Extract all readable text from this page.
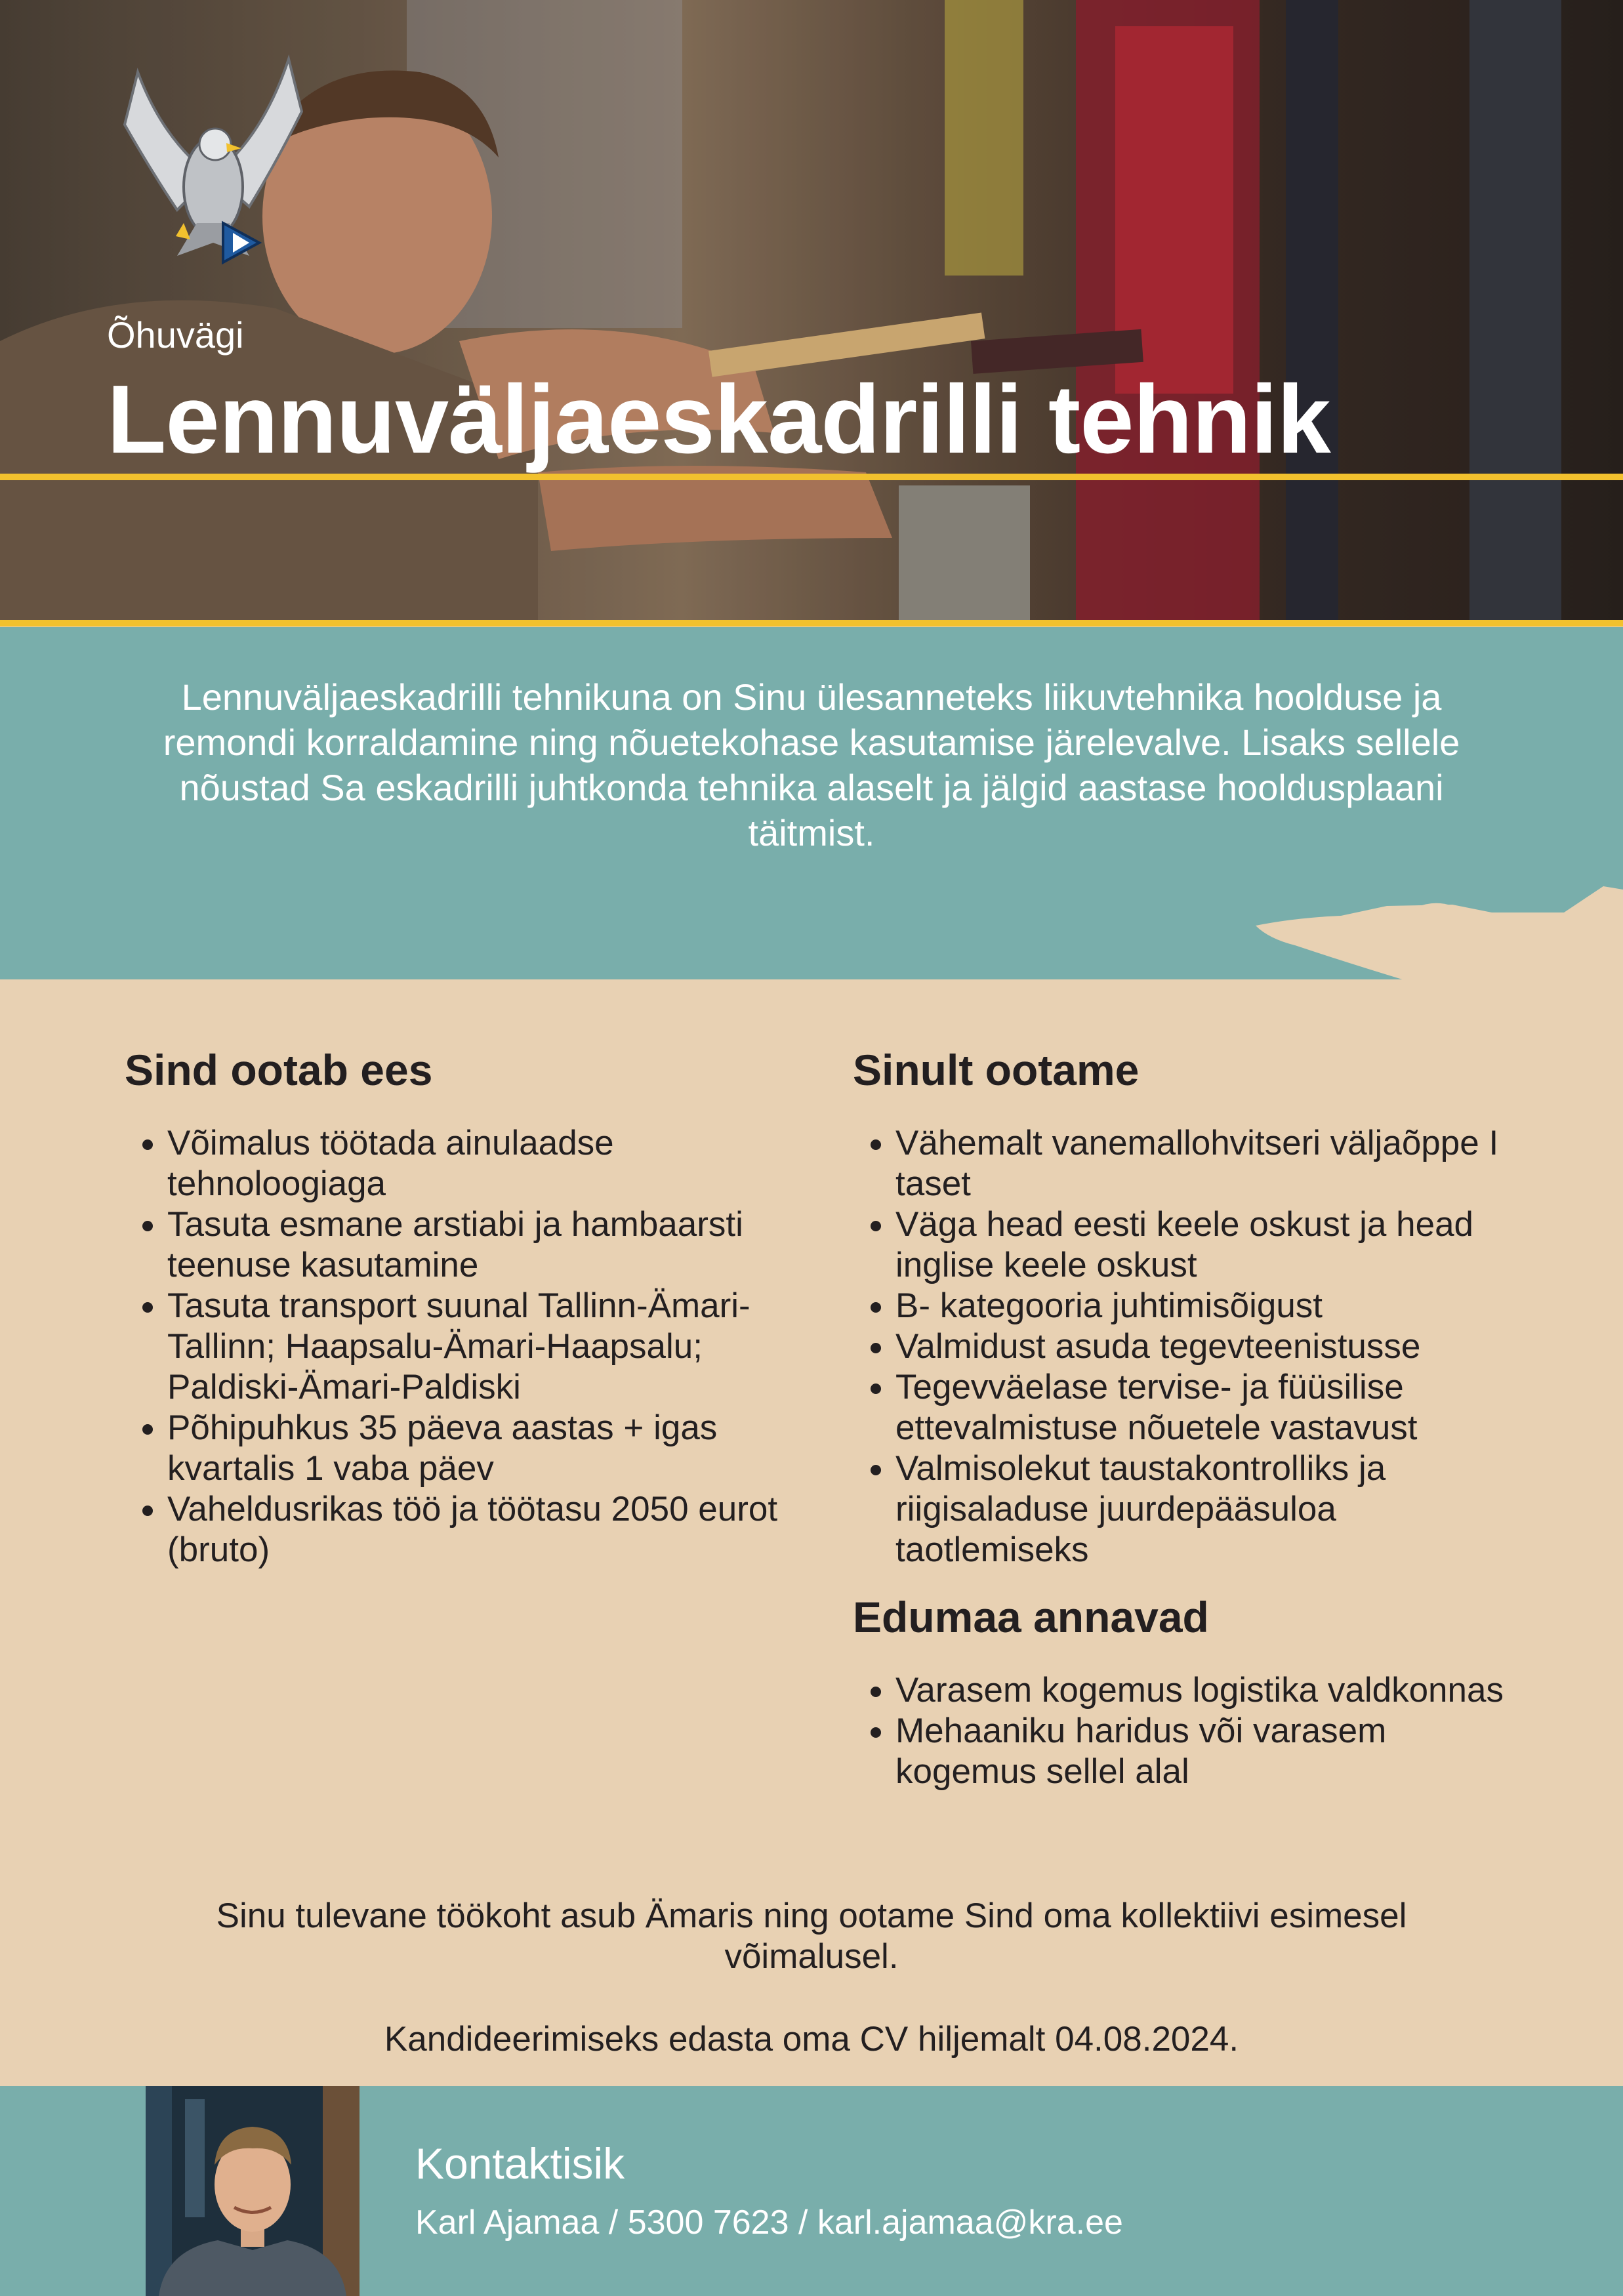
Õhuvägi
Lennuväljaeskadrilli tehnik
Lennuväljaeskadrilli tehnikuna on Sinu ülesanneteks liikuvtehnika hoolduse ja remondi korraldamine ning nõuetekohase kasutamise järelevalve. Lisaks sellele nõustad Sa eskadrilli juhtkonda tehnika alaselt ja jälgid aastase hooldusplaani täitmist.
Sind ootab ees
• Võimalus töötada ainulaadse tehnoloogiaga
• Tasuta esmane arstiabi ja hambaarsti teenuse kasutamine
• Tasuta transport suunal Tallinn-Ämari-Tallinn; Haapsalu-Ämari-Haapsalu; Paldiski-Ämari-Paldiski
• Põhipuhkus 35 päeva aastas + igas kvartalis 1 vaba päev
• Vaheldusrikas töö ja töötasu 2050 eurot (bruto)
Sinult ootame
• Vähemalt vanemallohvitseri väljaõppe I taset
• Väga head eesti keele oskust ja head inglise keele oskust
• B- kategooria juhtimisõigust
• Valmidust asuda tegevteenistusse
• Tegevväelase tervise- ja füüsilise ettevalmistuse nõuetele vastavust
• Valmisolekut taustakontrolliks ja riigisaladuse juurdepääsuloa taotlemiseks
Edumaa annavad
• Varasem kogemus logistika valdkonnas
• Mehaaniku haridus või varasem kogemus sellel alal
Sinu tulevane töökoht asub Ämaris ning ootame Sind oma kollektiivi esimesel võimalusel.
Kandideerimiseks edasta oma CV hiljemalt 04.08.2024.
Kontaktisik
Karl Ajamaa / 5300 7623 / karl.ajamaa@kra.ee
